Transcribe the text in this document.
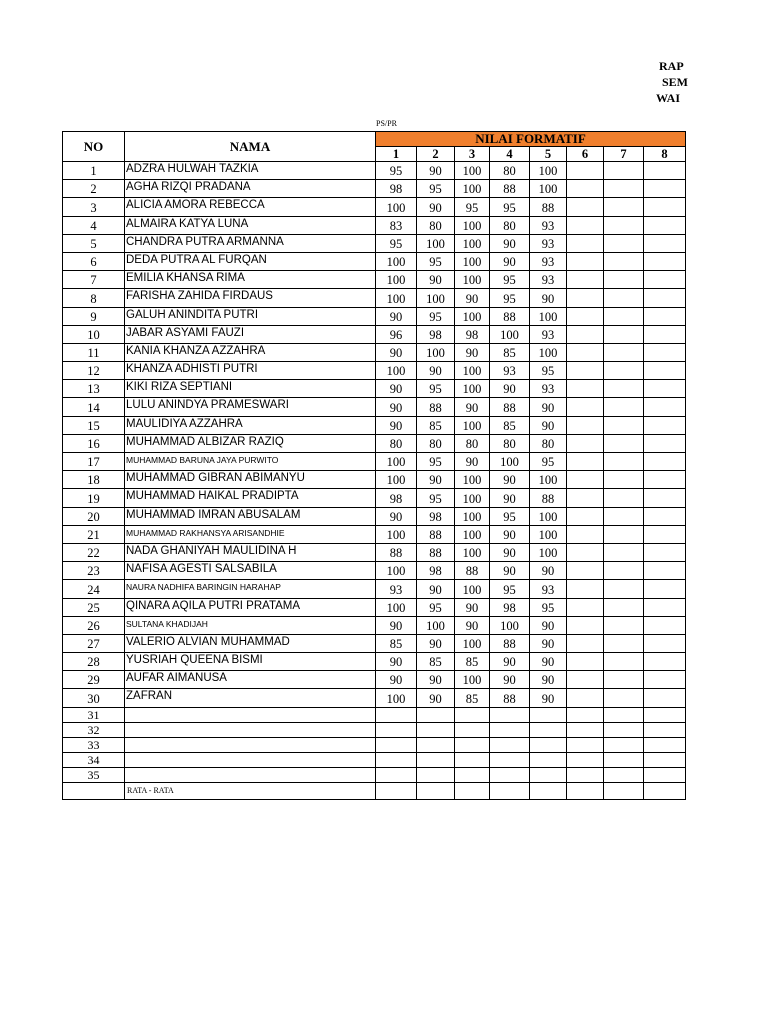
RAP
SEM
WAI
PS/PR
NO	NAMA	NILAI FORMATIF							
		1	2	3	4	5	6	7	8
1	ADZRA HULWAH TAZKIA	95	90	100	80	100			
2	AGHA RIZQI PRADANA	98	95	100	88	100			
3	ALICIA AMORA REBECCA	100	90	95	95	88			
4	ALMAIRA KATYA LUNA	83	80	100	80	93			
5	CHANDRA PUTRA ARMANNA	95	100	100	90	93			
6	DEDA PUTRA AL FURQAN	100	95	100	90	93			
7	EMILIA KHANSA RIMA	100	90	100	95	93			
8	FARISHA ZAHIDA FIRDAUS	100	100	90	95	90			
9	GALUH ANINDITA PUTRI	90	95	100	88	100			
10	JABAR ASYAMI FAUZI	96	98	98	100	93			
11	KANIA KHANZA AZZAHRA	90	100	90	85	100			
12	KHANZA ADHISTI PUTRI	100	90	100	93	95			
13	KIKI RIZA SEPTIANI	90	95	100	90	93			
14	LULU ANINDYA PRAMESWARI	90	88	90	88	90			
15	MAULIDIYA AZZAHRA	90	85	100	85	90			
16	MUHAMMAD ALBIZAR RAZIQ	80	80	80	80	80			
17	MUHAMMAD BARUNA JAYA PURWITO	100	95	90	100	95			
18	MUHAMMAD GIBRAN ABIMANYU	100	90	100	90	100			
19	MUHAMMAD HAIKAL PRADIPTA	98	95	100	90	88			
20	MUHAMMAD IMRAN ABUSALAM	90	98	100	95	100			
21	MUHAMMAD RAKHANSYA ARISANDHIE	100	88	100	90	100			
22	NADA GHANIYAH MAULIDINA H	88	88	100	90	100			
23	NAFISA AGESTI SALSABILA	100	98	88	90	90			
24	NAURA NADHIFA BARINGIN HARAHAP	93	90	100	95	93			
25	QINARA AQILA PUTRI PRATAMA	100	95	90	98	95			
26	SULTANA KHADIJAH	90	100	90	100	90			
27	VALERIO ALVIAN MUHAMMAD	85	90	100	88	90			
28	YUSRIAH QUEENA BISMI	90	85	85	90	90			
29	AUFAR AIMANUSA	90	90	100	90	90			
30	ZAFRAN	100	90	85	88	90			
31									
32									
33									
34									
35									
	RATA - RATA								
